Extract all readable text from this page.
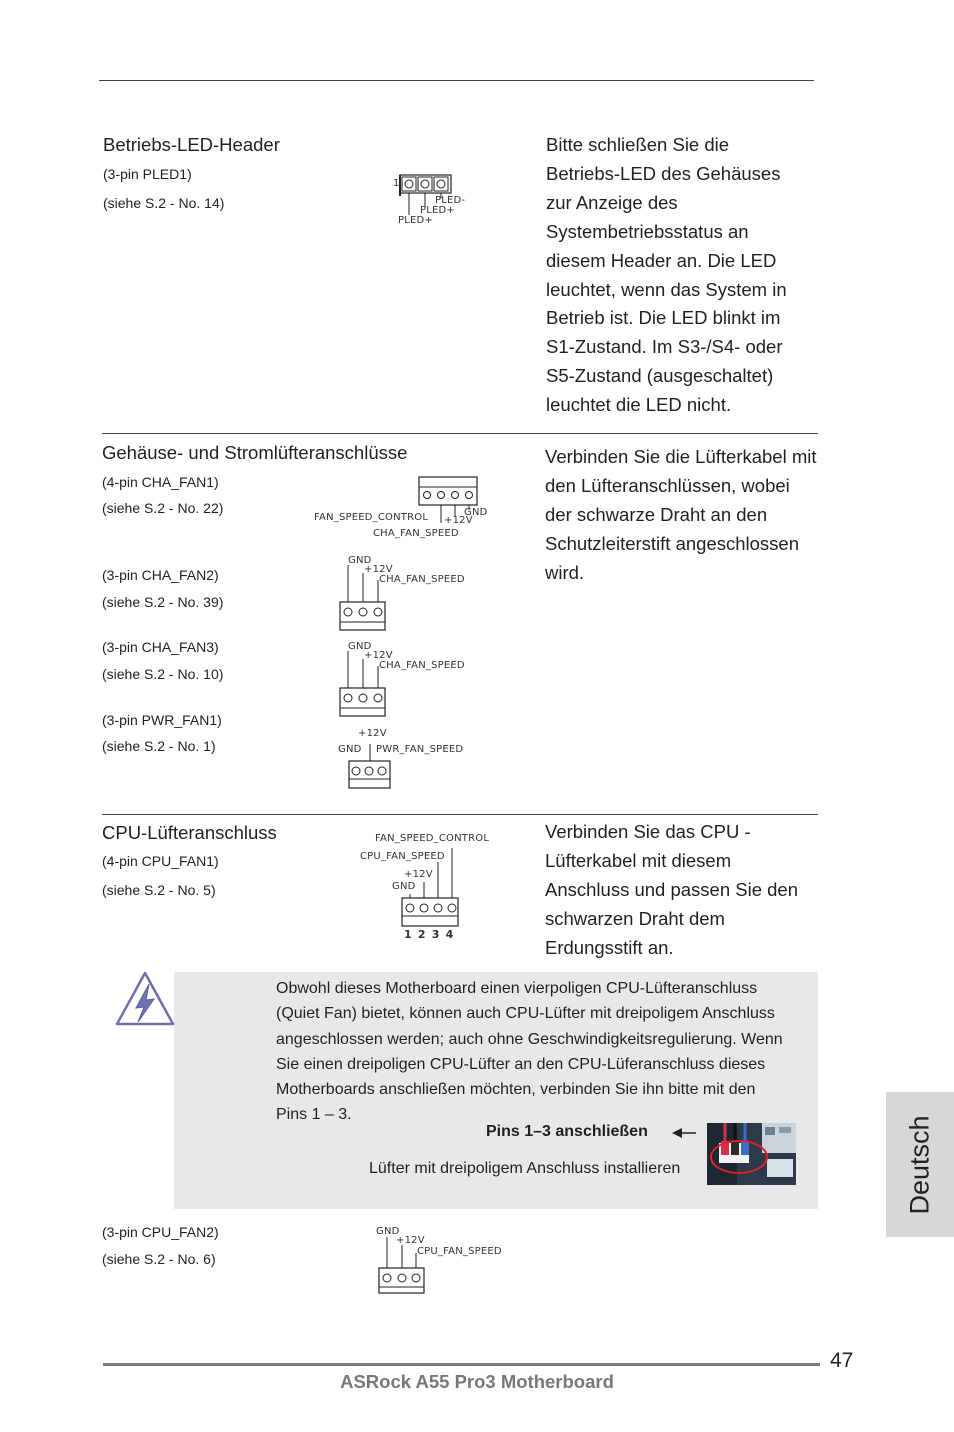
Betriebs-LED-Header
(3-pin PLED1)
(siehe S.2 - No. 14)
Bitte schließen Sie die
Betriebs-LED des Gehäuses
zur Anzeige des
Systembetriebsstatus an
diesem Header an. Die LED
leuchtet, wenn das System in
Betrieb ist. Die LED blinkt im
S1-Zustand. Im S3-/S4- oder
S5-Zustand (ausgeschaltet)
leuchtet die LED nicht.
1
PLED-
PLED+
PLED+
Gehäuse- und Stromlüfteranschlüsse	Verbinden Sie die Lüfterkabel mit
den Lüfteranschlüssen, wobei
der schwarze Draht an den
Schutzleiterstift angeschlossen
wird.
(4-pin CHA_FAN1)
(siehe S.2 - No. 22)
(3-pin CHA_FAN2)
(siehe S.2 - No. 39)
(3-pin CHA_FAN3)
(siehe S.2 - No. 10)
(3-pin PWR_FAN1)
(siehe S.2 - No. 1)
FAN_SPEED_CONTROL +12V
GND
CHA_FAN_SPEED
GND
+12V
CHA_FAN_SPEED
GND
+12V
CHA_FAN_SPEED
+12V
GND PWR_FAN_SPEED
CPU-Lüfteranschluss
(4-pin CPU_FAN1)
(siehe S.2 - No. 5)
Verbinden Sie das CPU -
Lüfterkabel mit diesem
Anschluss und passen Sie den
schwarzen Draht dem
Erdungsstift an.
FAN_SPEED_CONTROL
CPU_FAN_SPEED
+12V
GND
1 2 3 4
Obwohl dieses Motherboard einen vierpoligen CPU-Lüfteranschluss
(Quiet Fan) bietet, können auch CPU-Lüfter mit dreipoligem Anschluss
angeschlossen werden; auch ohne Geschwindigkeitsregulierung. Wenn
Sie einen dreipoligen CPU-Lüfter an den CPU-Lüferanschluss dieses
Motherboards anschließen möchten, verbinden Sie ihn bitte mit den
Pins 1 – 3.
Pins 1–3 anschließen
Lüfter mit dreipoligem Anschluss installieren
(3-pin CPU_FAN2)
(siehe S.2 - No. 6)
GND
+12V
CPU_FAN_SPEED
Deutsch
47
ASRock A55 Pro3 Motherboard
